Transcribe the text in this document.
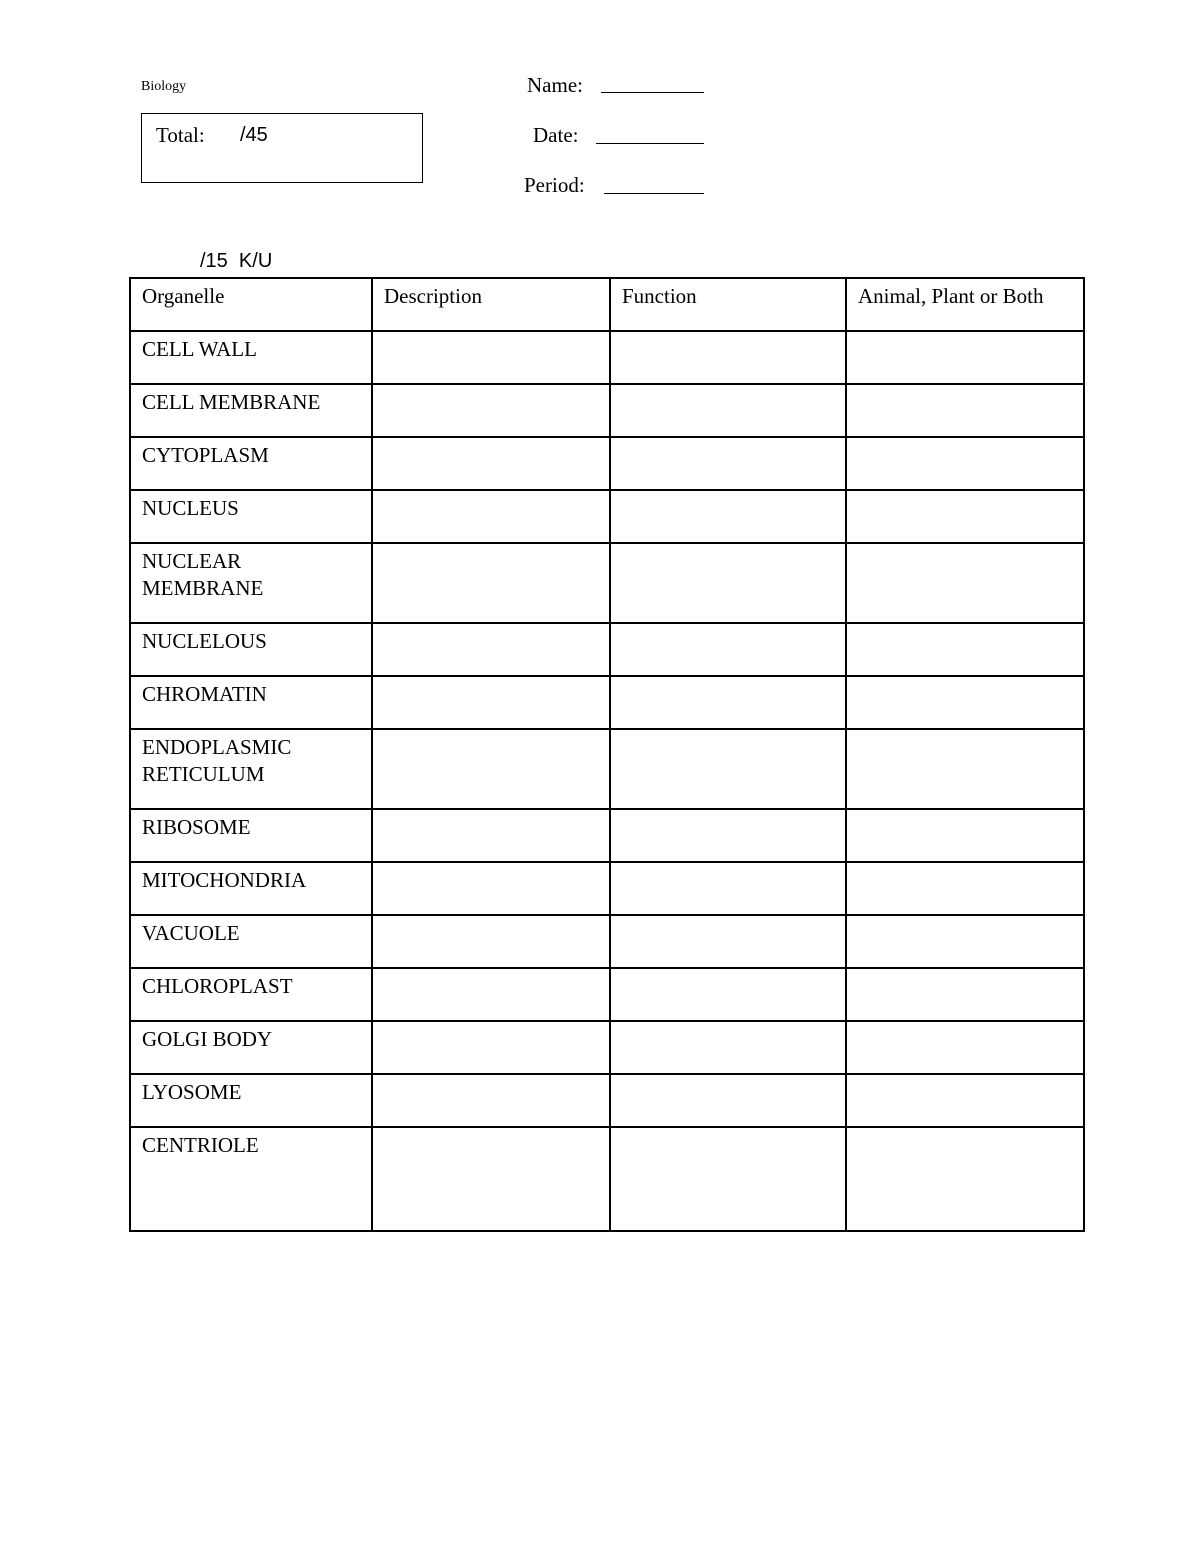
Biology
Total: /45
Name:
Date:
Period:
/15  K/U
Organelle	Description	Function	Animal, Plant or Both

CELL WALL			

CELL MEMBRANE			

CYTOPLASM			

NUCLEUS			

NUCLEAR MEMBRANE			

NUCLELOUS			

CHROMATIN			

ENDOPLASMIC RETICULUM			

RIBOSOME			

MITOCHONDRIA			

VACUOLE			

CHLOROPLAST			

GOLGI BODY			

LYOSOME			

CENTRIOLE			
